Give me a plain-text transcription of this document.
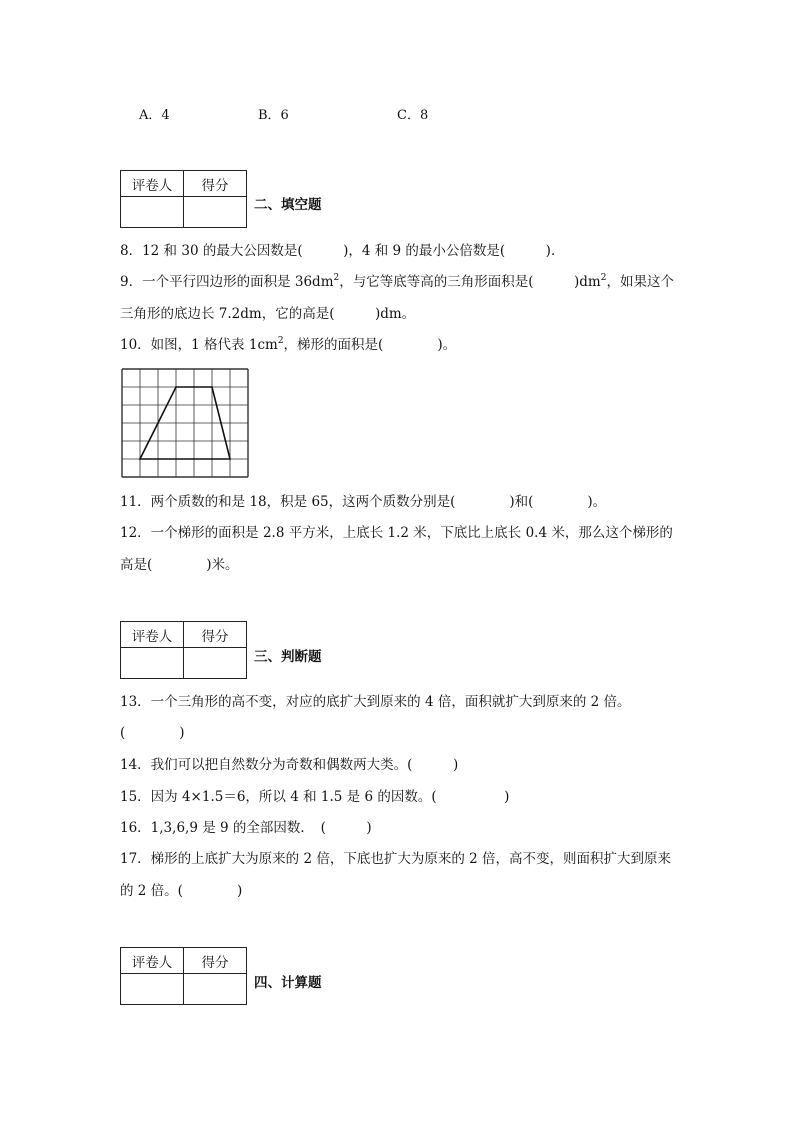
A．4	B．6	C．8
评卷人	得分

二、填空题
8．12 和 30 的最大公因数是(　　　)，4 和 9 的最小公倍数是(　　　)．
9．一个平行四边形的面积是 $36dm^2$，与它等底等高的三角形面积是(　　　)$dm^2$，如果这个
三角形的底边长 7.2dm，它的高是(　　　)dm。
10．如图，1 格代表 $1cm^2$，梯形的面积是(　　　　)。
11．两个质数的和是 18，积是 65，这两个质数分别是(　　　　)和(　　　　)。
12．一个梯形的面积是 2.8 平方米，上底长 1.2 米，下底比上底长 0.4 米，那么这个梯形的
高是(　　　　)米。
评卷人	得分

三、判断题
13．一个三角形的高不变，对应的底扩大到原来的 4 倍，面积就扩大到原来的 2 倍。
(　　　　)
14．我们可以把自然数分为奇数和偶数两大类。(　　　)
15．因为 4×1.5＝6，所以 4 和 1.5 是 6 的因数。(　　　　　)
16．1,3,6,9 是 9 的全部因数．　(　　　)
17．梯形的上底扩大为原来的 2 倍，下底也扩大为原来的 2 倍，高不变，则面积扩大到原来
的 2 倍。(　　　　)
评卷人	得分

四、计算题
